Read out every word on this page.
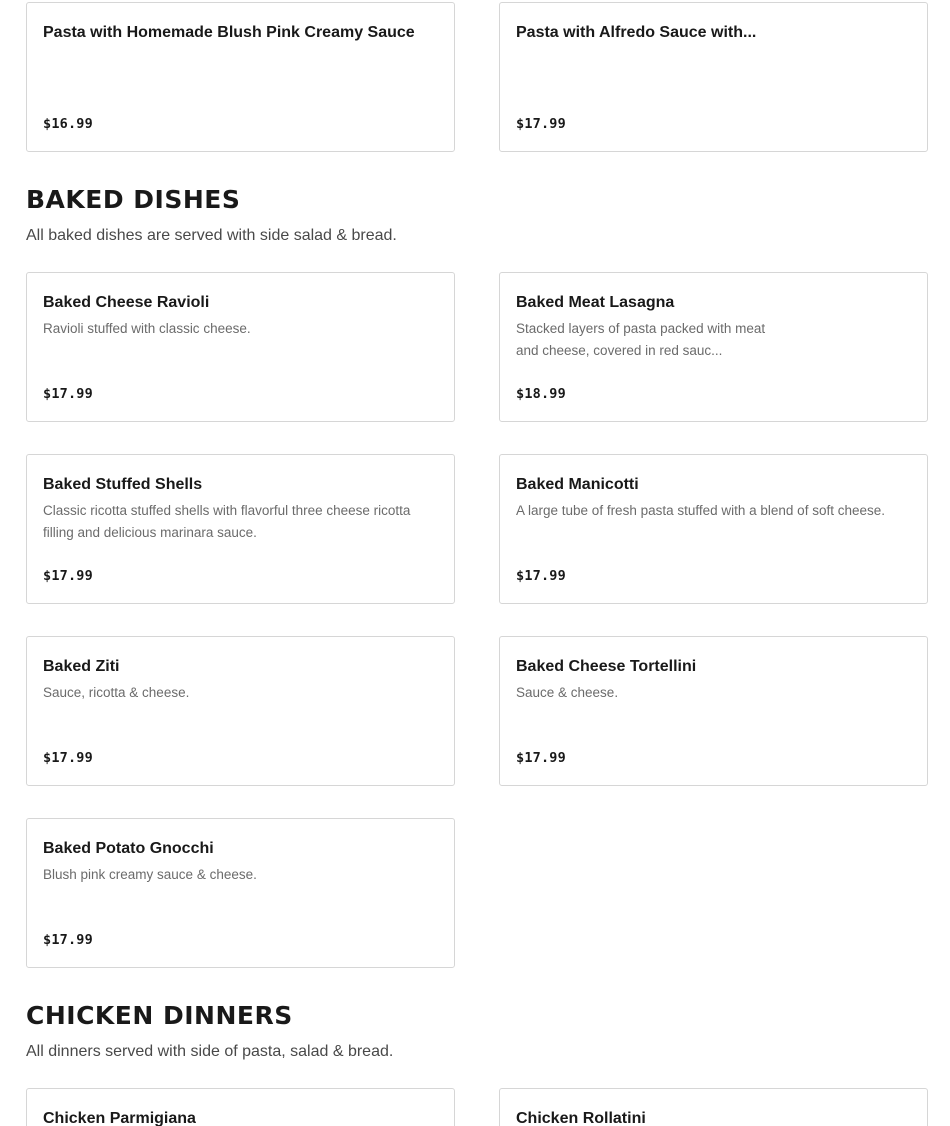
Pasta with Homemade Blush Pink Creamy Sauce
$16.99
Pasta with Alfredo Sauce with...
$17.99
BAKED DISHES

All baked dishes are served with side salad & bread.

Baked Cheese Ravioli
Ravioli stuffed with classic cheese.
$17.99
Baked Meat Lasagna
Stacked layers of pasta packed with meat and cheese, covered in red sauc...
$18.99
Baked Stuffed Shells
Classic ricotta stuffed shells with flavorful three cheese ricotta filling and delicious marinara sauce.
$17.99
Baked Manicotti
A large tube of fresh pasta stuffed with a blend of soft cheese.
$17.99
Baked Ziti
Sauce, ricotta & cheese.
$17.99
Baked Cheese Tortellini
Sauce & cheese.
$17.99
Baked Potato Gnocchi
Blush pink creamy sauce & cheese.
$17.99
CHICKEN DINNERS

All dinners served with side of pasta, salad & bread.

Chicken Parmigiana	Chicken Rollatini
